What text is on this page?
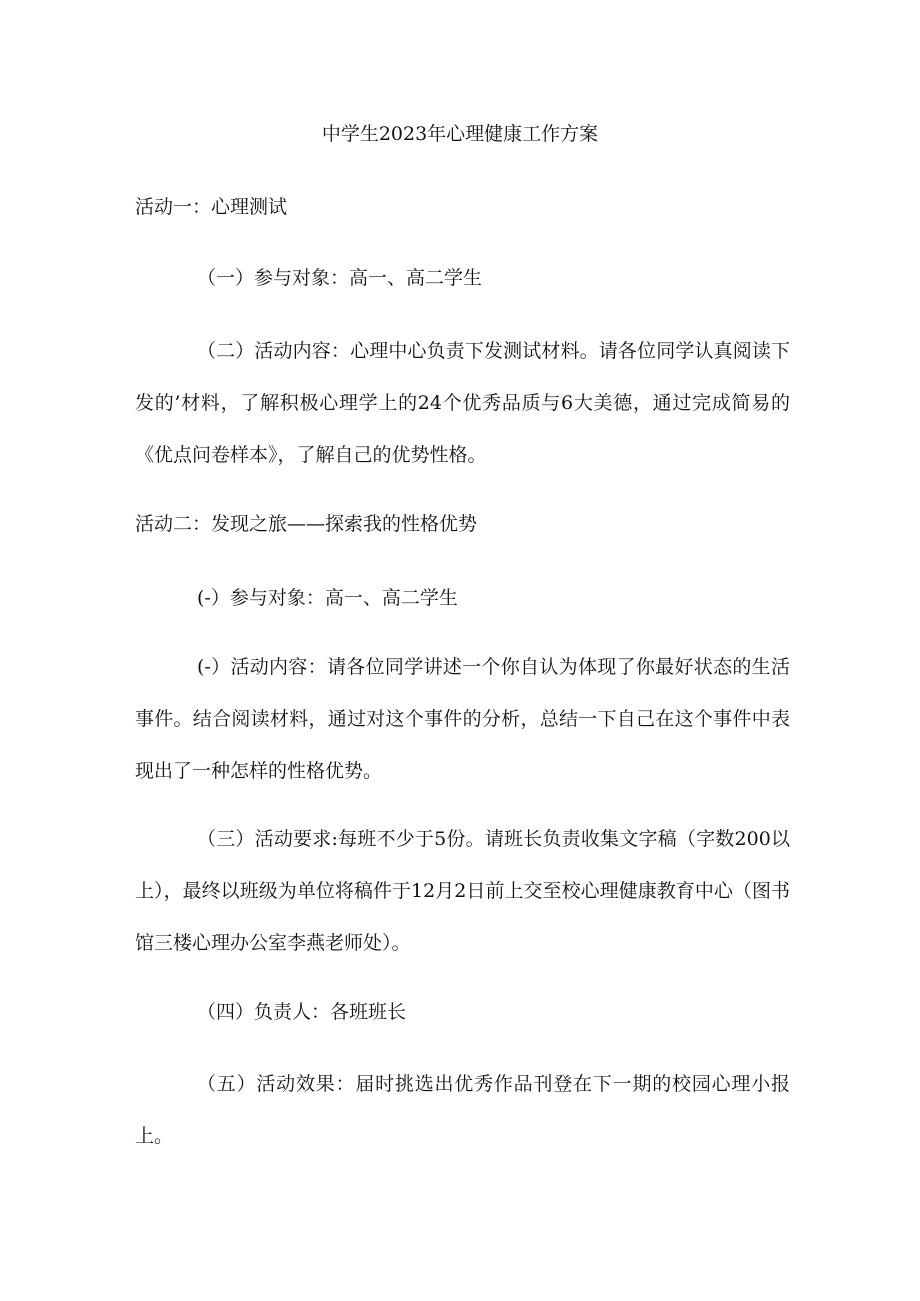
中学生2023年心理健康工作方案

活动一：心理测试

（一）参与对象：高一、高二学生

（二）活动内容：心理中心负责下发测试材料。请各位同学认真阅读下发的’材料，了解积极心理学上的24个优秀品质与6大美德，通过完成简易的《优点问卷样本》，了解自己的优势性格。

活动二：发现之旅——探索我的性格优势

(-）参与对象：高一、高二学生

(-）活动内容：请各位同学讲述一个你自认为体现了你最好状态的生活事件。结合阅读材料，通过对这个事件的分析，总结一下自己在这个事件中表现出了一种怎样的性格优势。

（三）活动要求:每班不少于5份。请班长负责收集文字稿（字数200以上），最终以班级为单位将稿件于12月2日前上交至校心理健康教育中心（图书馆三楼心理办公室李燕老师处）。

（四）负责人：各班班长

（五）活动效果：届时挑选出优秀作品刊登在下一期的校园心理小报上。
